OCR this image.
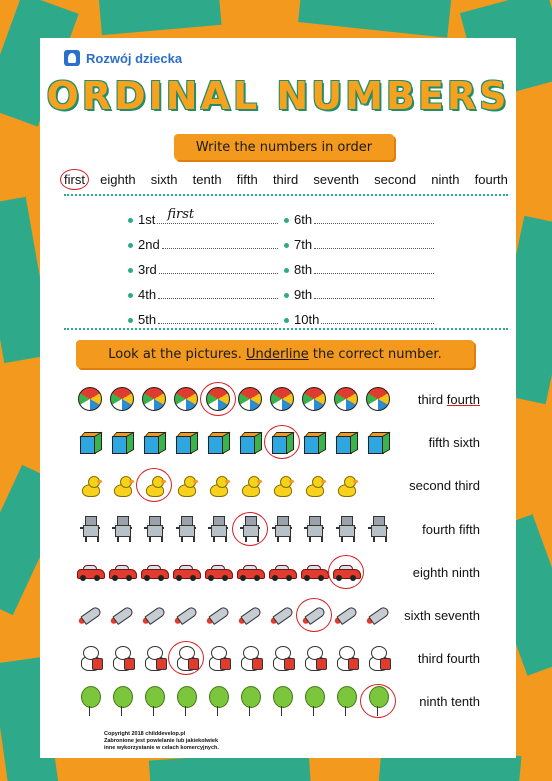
Rozwój dziecka
ORDINAL NUMBERS
Write the numbers in order
first eighth sixth tenth fifth third seventh second ninth fourth
1st first
2nd
3rd
4th
5th
6th
7th
8th
9th
10th
Look at the pictures.
Underline
the correct number.
third fourth
fifth sixth
second third
fourth fifth
eighth ninth
sixth seventh
third fourth
ninth tenth
Copyright 2018 childdevelop.pl
Zabronione jest powielanie lub jakiekolwiek
inne wykorzystanie w celach komercyjnych.
